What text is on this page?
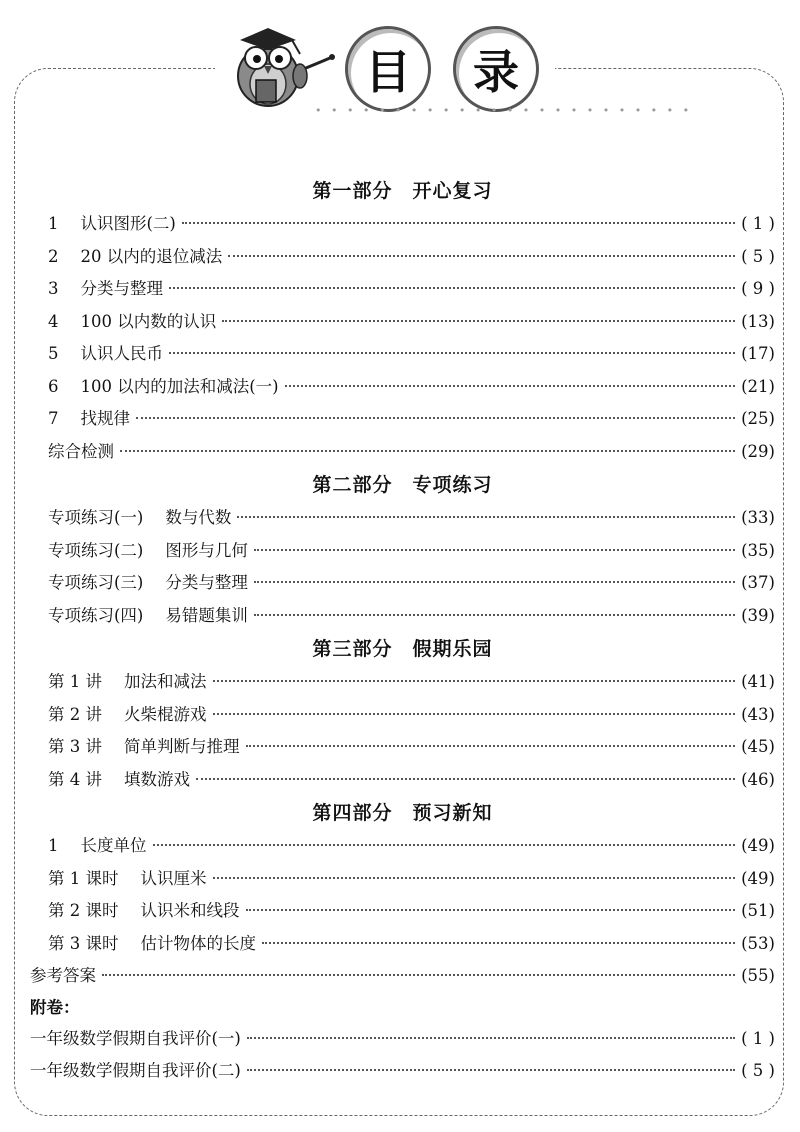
目	录
• • • • • • • • • • • • • • • • • • • • • • • •
第一部分　开心复习
1 认识图形(二)	( 1 )
2 20 以内的退位减法	( 5 )
3 分类与整理	( 9 )
4 100 以内数的认识	(13)
5 认识人民币	(17)
6 100 以内的加法和减法(一)	(21)
7 找规律	(25)
综合检测	(29)
第二部分　专项练习
专项练习(一) 数与代数	(33)
专项练习(二) 图形与几何	(35)
专项练习(三) 分类与整理	(37)
专项练习(四) 易错题集训	(39)
第三部分　假期乐园
第 1 讲 加法和减法	(41)
第 2 讲 火柴棍游戏	(43)
第 3 讲 简单判断与推理	(45)
第 4 讲 填数游戏	(46)
第四部分　预习新知
1 长度单位	(49)
第 1 课时 认识厘米	(49)
第 2 课时 认识米和线段	(51)
第 3 课时 估计物体的长度	(53)
参考答案	(55)
附卷：
一年级数学假期自我评价(一)	( 1 )
一年级数学假期自我评价(二)	( 5 )
